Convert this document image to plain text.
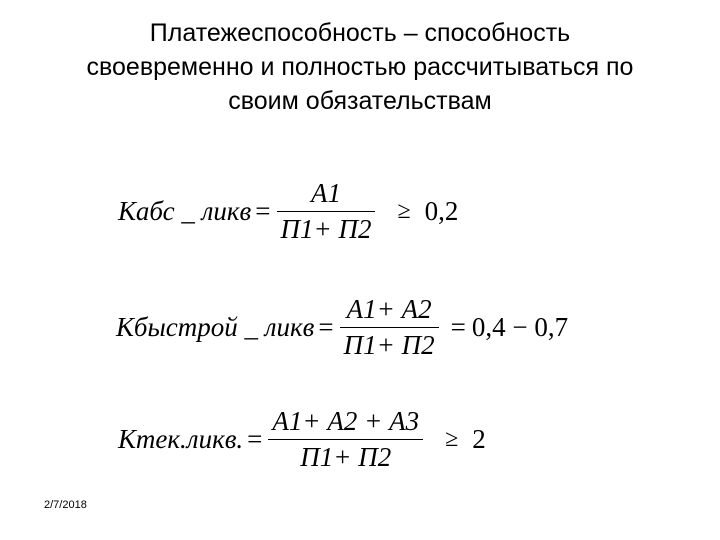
Платежеспособность – способность
своевременно и полностью рассчитываться по
своим обязательствам
Кабс _ ликв = $\frac{А1}{П1+ П2} \ge 0,2$
Кбыстрой _ ликв = $\frac{А1+ А2}{П1+ П2} = 0,4 - 0,7$
Ктек.ликв. = $\frac{А1+ А2 + А3}{П1+ П2} \ge 2$
2/7/2018
